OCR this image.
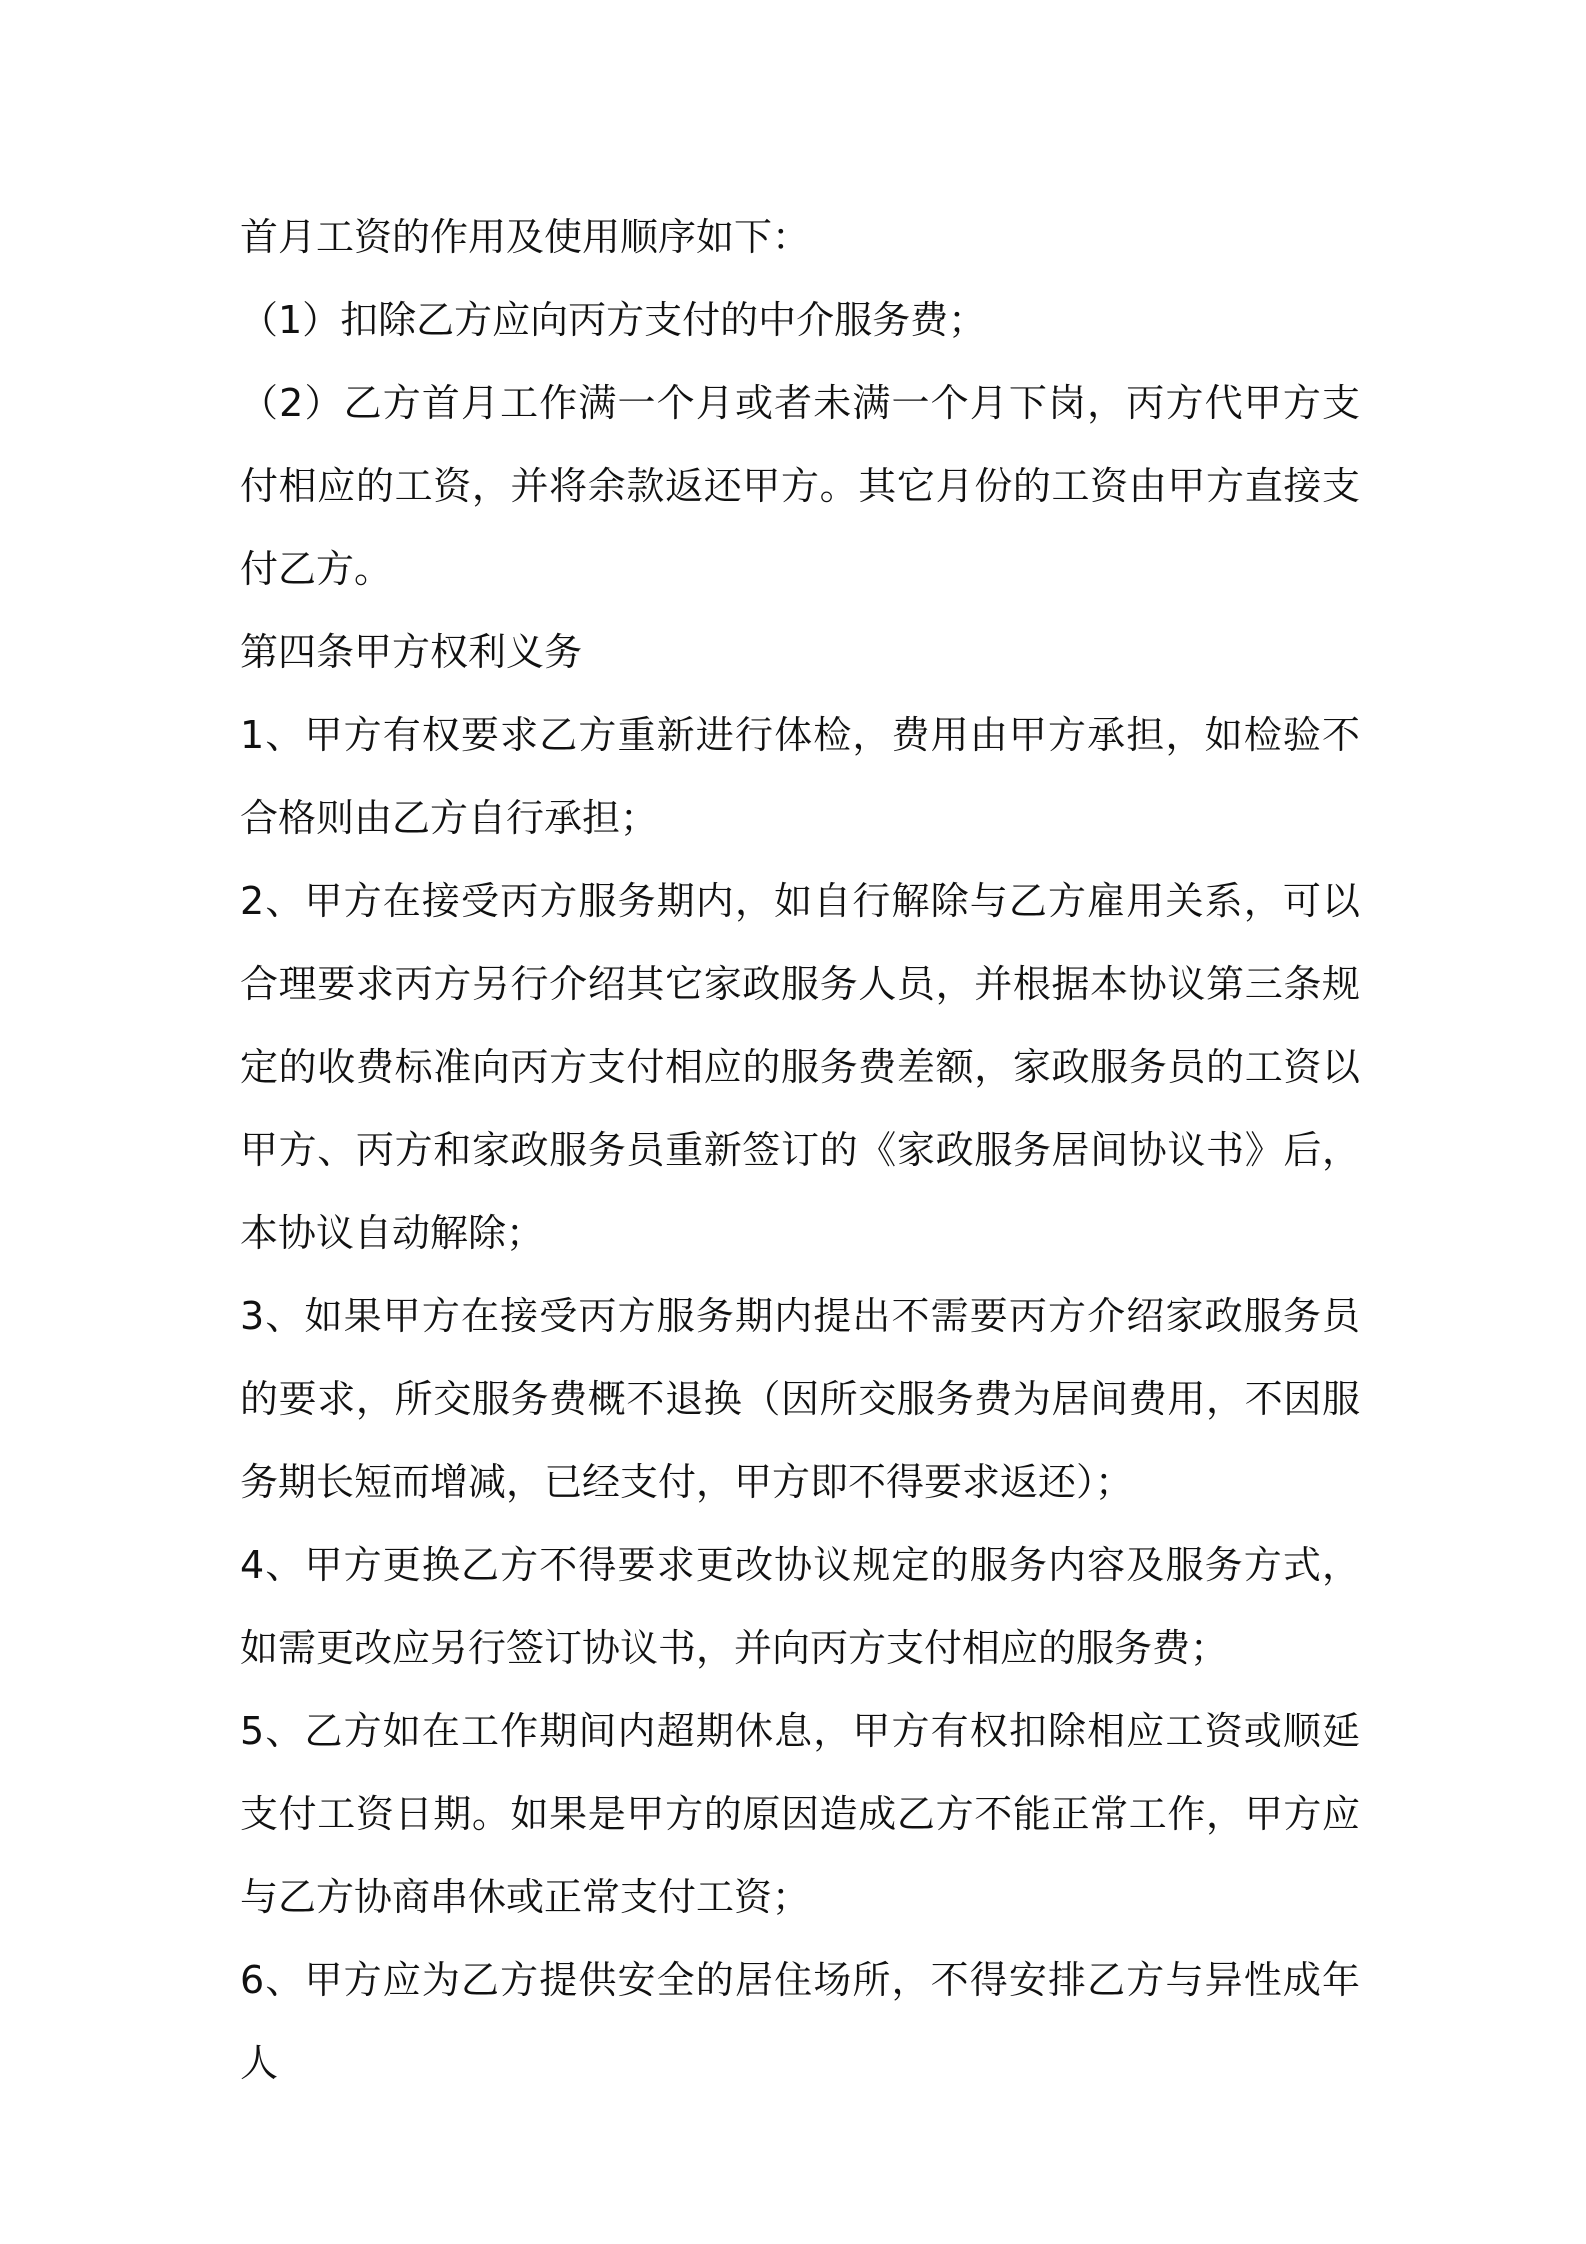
首月工资的作用及使用顺序如下：

（1）扣除乙方应向丙方支付的中介服务费；

（2）乙方首月工作满一个月或者未满一个月下岗，丙方代甲方支付相应的工资，并将余款返还甲方。其它月份的工资由甲方直接支付乙方。

第四条甲方权利义务

1、甲方有权要求乙方重新进行体检，费用由甲方承担，如检验不合格则由乙方自行承担；

2、甲方在接受丙方服务期内，如自行解除与乙方雇用关系，可以合理要求丙方另行介绍其它家政服务人员，并根据本协议第三条规定的收费标准向丙方支付相应的服务费差额，家政服务员的工资以甲方、丙方和家政服务员重新签订的《家政服务居间协议书》后，本协议自动解除；

3、如果甲方在接受丙方服务期内提出不需要丙方介绍家政服务员的要求，所交服务费概不退换（因所交服务费为居间费用，不因服务期长短而增减，已经支付，甲方即不得要求返还）；

4、甲方更换乙方不得要求更改协议规定的服务内容及服务方式，如需更改应另行签订协议书，并向丙方支付相应的服务费；

5、乙方如在工作期间内超期休息，甲方有权扣除相应工资或顺延支付工资日期。如果是甲方的原因造成乙方不能正常工作，甲方应与乙方协商串休或正常支付工资；

6、甲方应为乙方提供安全的居住场所，不得安排乙方与异性成年人
